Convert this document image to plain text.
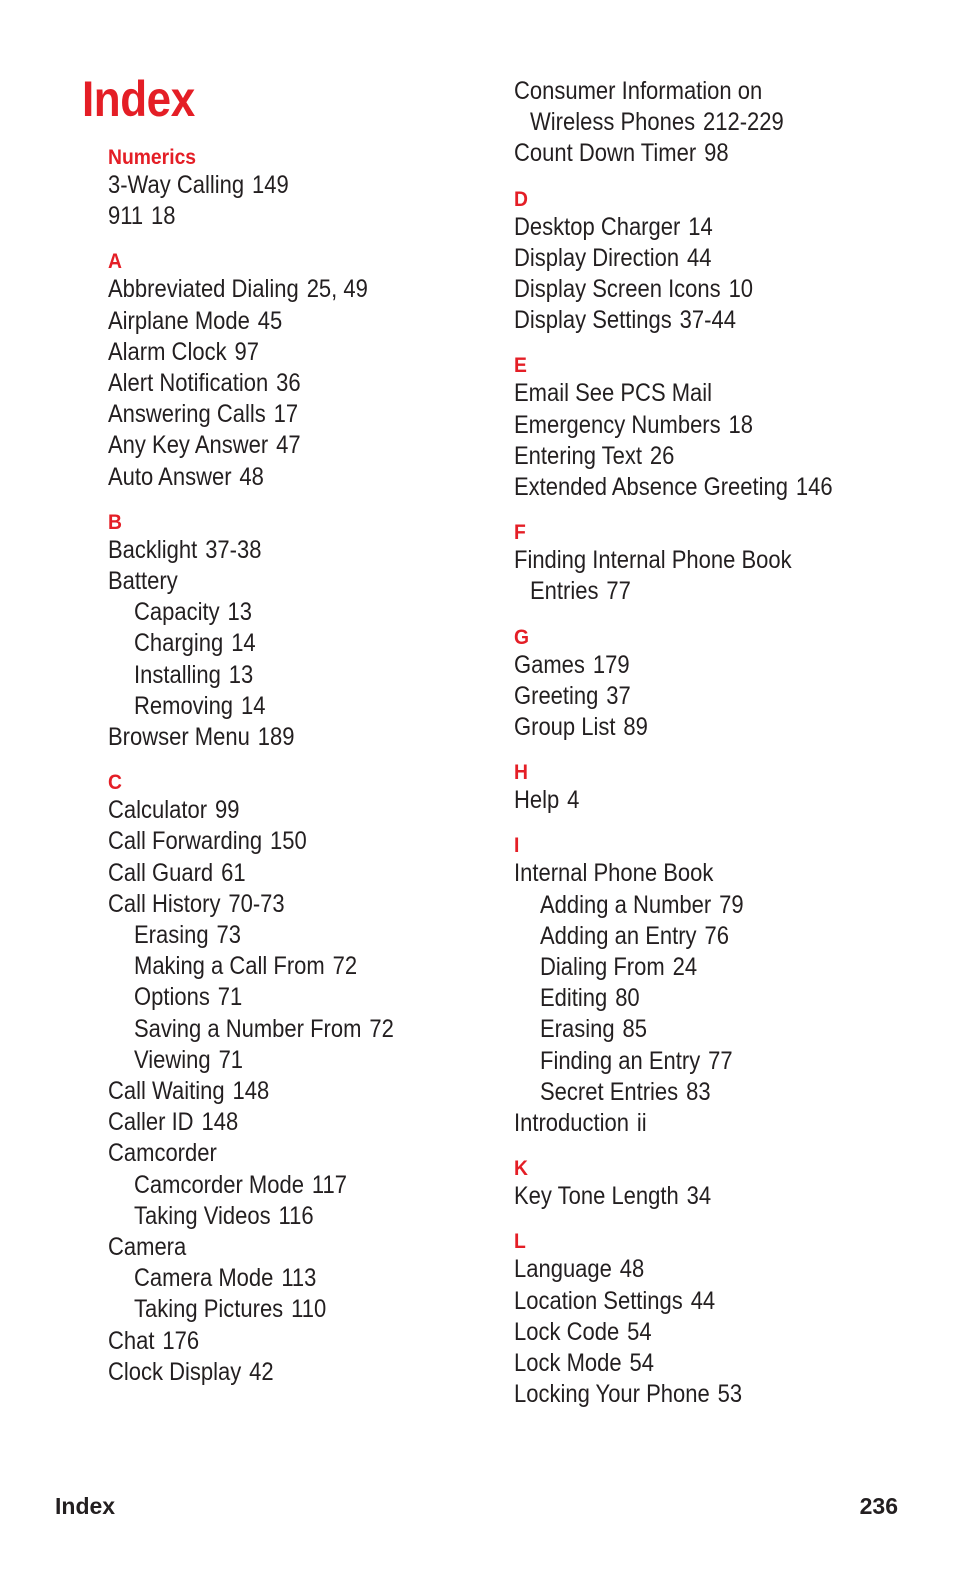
Index
Numerics
3-Way Calling 149
911 18
A
Abbreviated Dialing 25, 49
Airplane Mode 45
Alarm Clock 97
Alert Notification 36
Answering Calls 17
Any Key Answer 47
Auto Answer 48
B
Backlight 37-38
Battery
Capacity 13
Charging 14
Installing 13
Removing 14
Browser Menu 189
C
Calculator 99
Call Forwarding 150
Call Guard 61
Call History 70-73
Erasing 73
Making a Call From 72
Options 71
Saving a Number From 72
Viewing 71
Call Waiting 148
Caller ID 148
Camcorder
Camcorder Mode 117
Taking Videos 116
Camera
Camera Mode 113
Taking Pictures 110
Chat 176
Clock Display 42
Consumer Information on
Wireless Phones 212-229
Count Down Timer 98
D
Desktop Charger 14
Display Direction 44
Display Screen Icons 10
Display Settings 37-44
E
Email See PCS Mail
Emergency Numbers 18
Entering Text 26
Extended Absence Greeting 146
F
Finding Internal Phone Book
Entries 77
G
Games 179
Greeting 37
Group List 89
H
Help 4
I
Internal Phone Book
Adding a Number 79
Adding an Entry 76
Dialing From 24
Editing 80
Erasing 85
Finding an Entry 77
Secret Entries 83
Introduction ii
K
Key Tone Length 34
L
Language 48
Location Settings 44
Lock Code 54
Lock Mode 54
Locking Your Phone 53
Index	236
